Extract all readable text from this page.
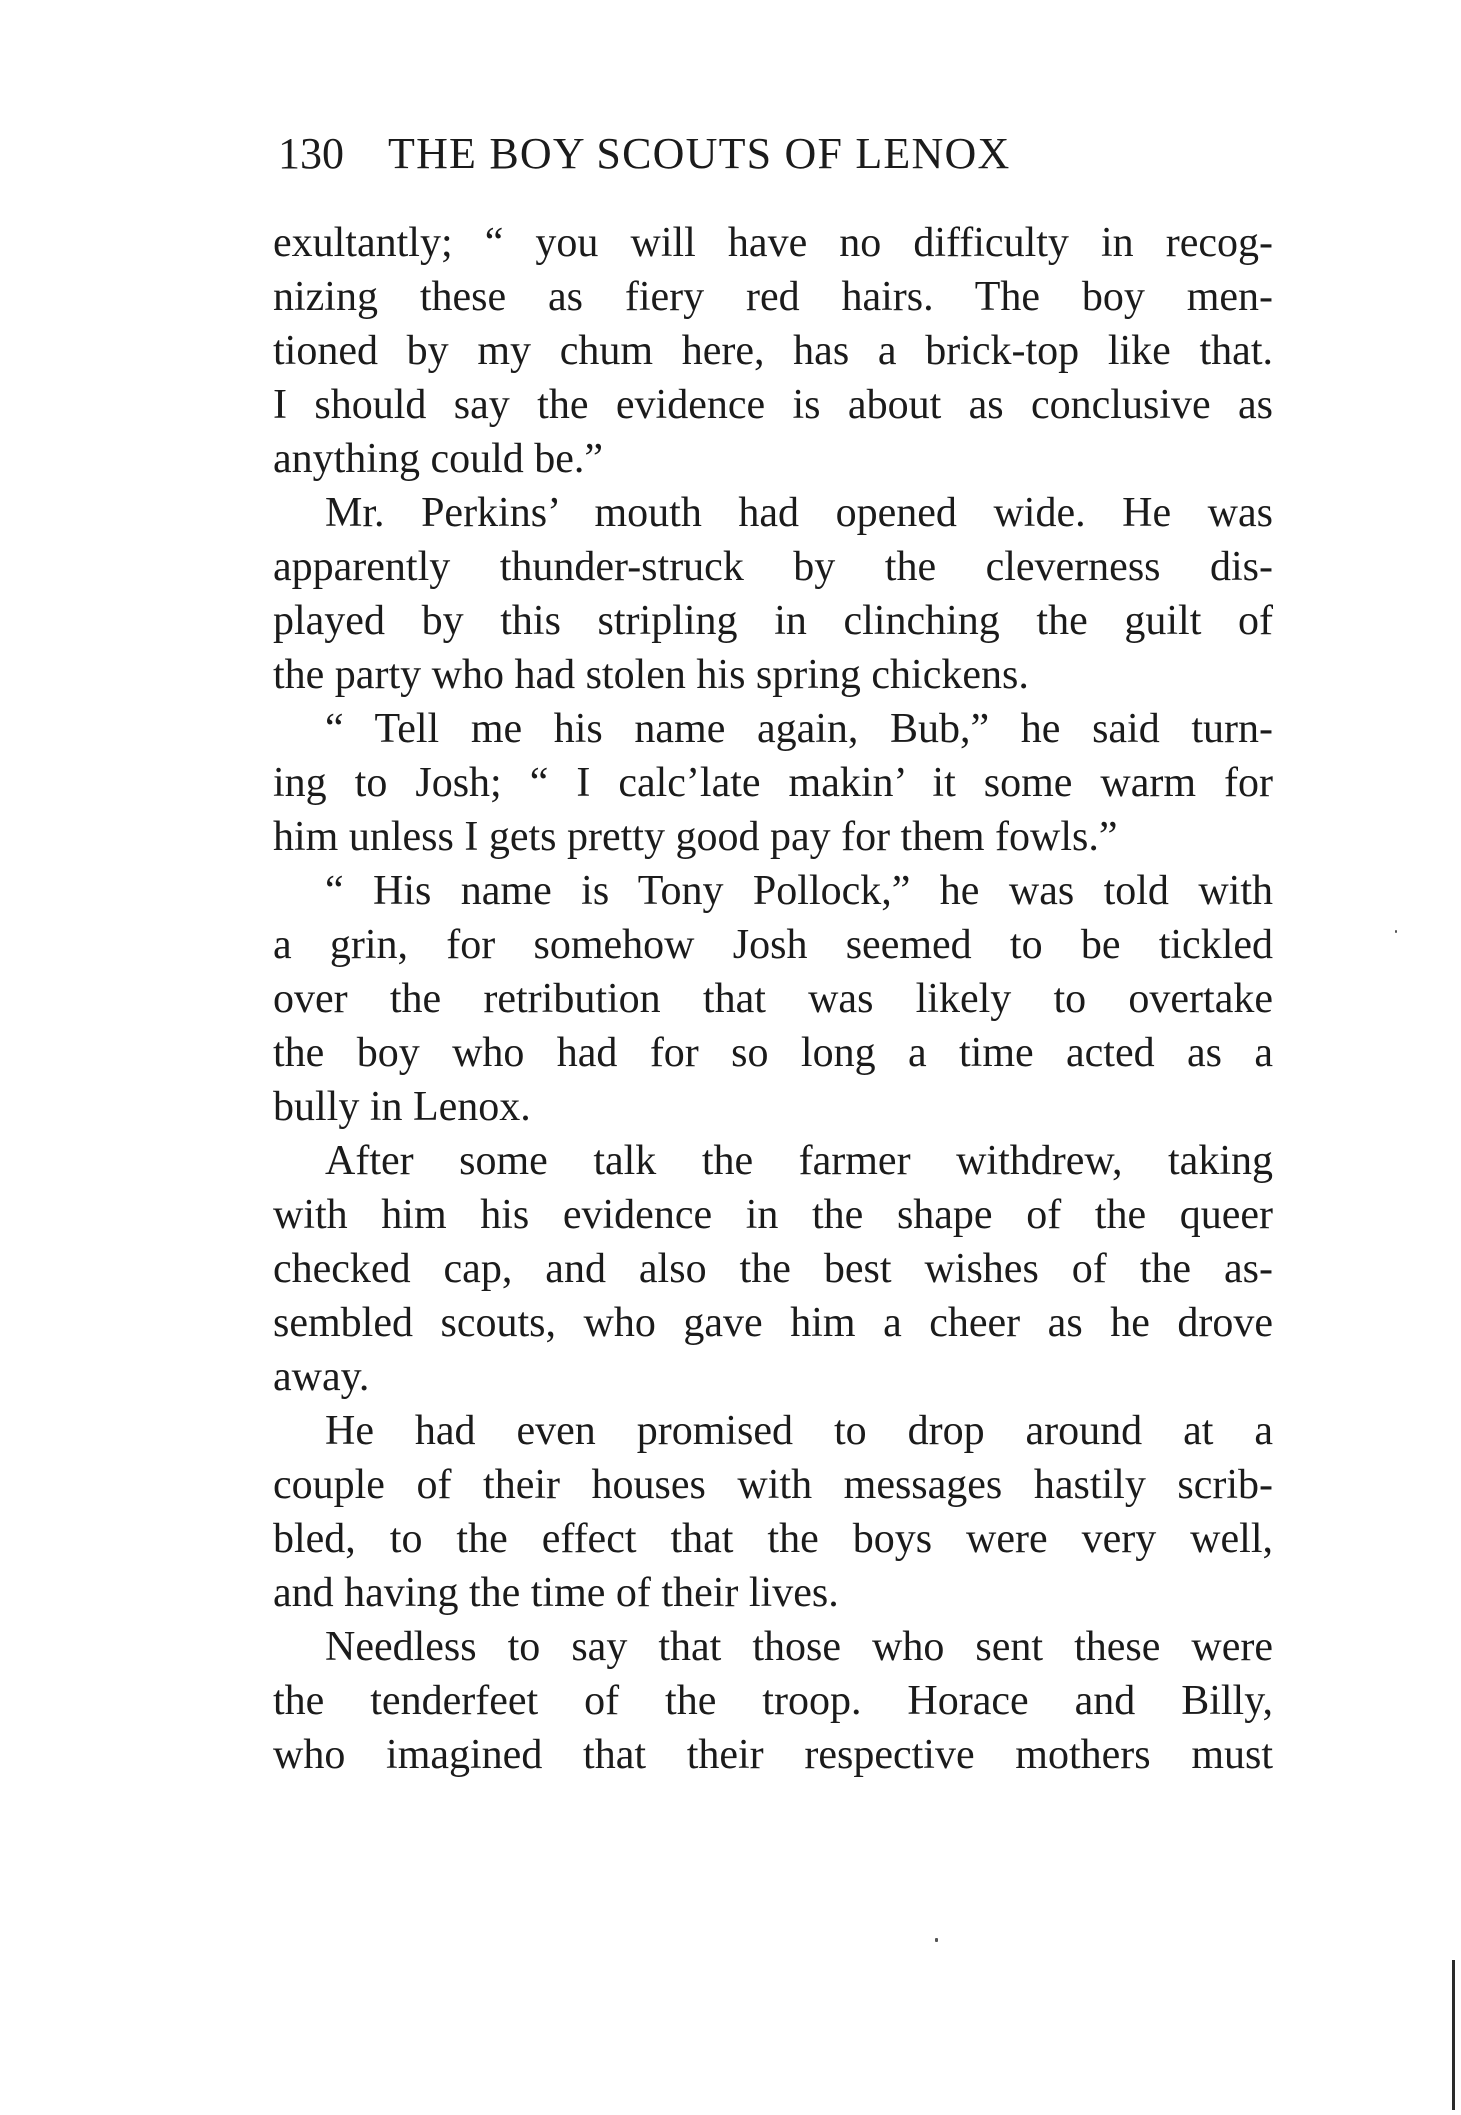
130 THE BOY SCOUTS OF LENOX
exultantly; “ you will have no difficulty in recog-
nizing these as fiery red hairs. The boy men-
tioned by my chum here, has a brick-top like that.
I should say the evidence is about as conclusive as
anything could be.”
Mr. Perkins’ mouth had opened wide. He was
apparently thunder-struck by the cleverness dis-
played by this stripling in clinching the guilt of
the party who had stolen his spring chickens.
“ Tell me his name again, Bub,” he said turn-
ing to Josh; “ I calc’late makin’ it some warm for
him unless I gets pretty good pay for them fowls.”
“ His name is Tony Pollock,” he was told with
a grin, for somehow Josh seemed to be tickled
over the retribution that was likely to overtake
the boy who had for so long a time acted as a
bully in Lenox.
After some talk the farmer withdrew, taking
with him his evidence in the shape of the queer
checked cap, and also the best wishes of the as-
sembled scouts, who gave him a cheer as he drove
away.
He had even promised to drop around at a
couple of their houses with messages hastily scrib-
bled, to the effect that the boys were very well,
and having the time of their lives.
Needless to say that those who sent these were
the tenderfeet of the troop. Horace and Billy,
who imagined that their respective mothers must
